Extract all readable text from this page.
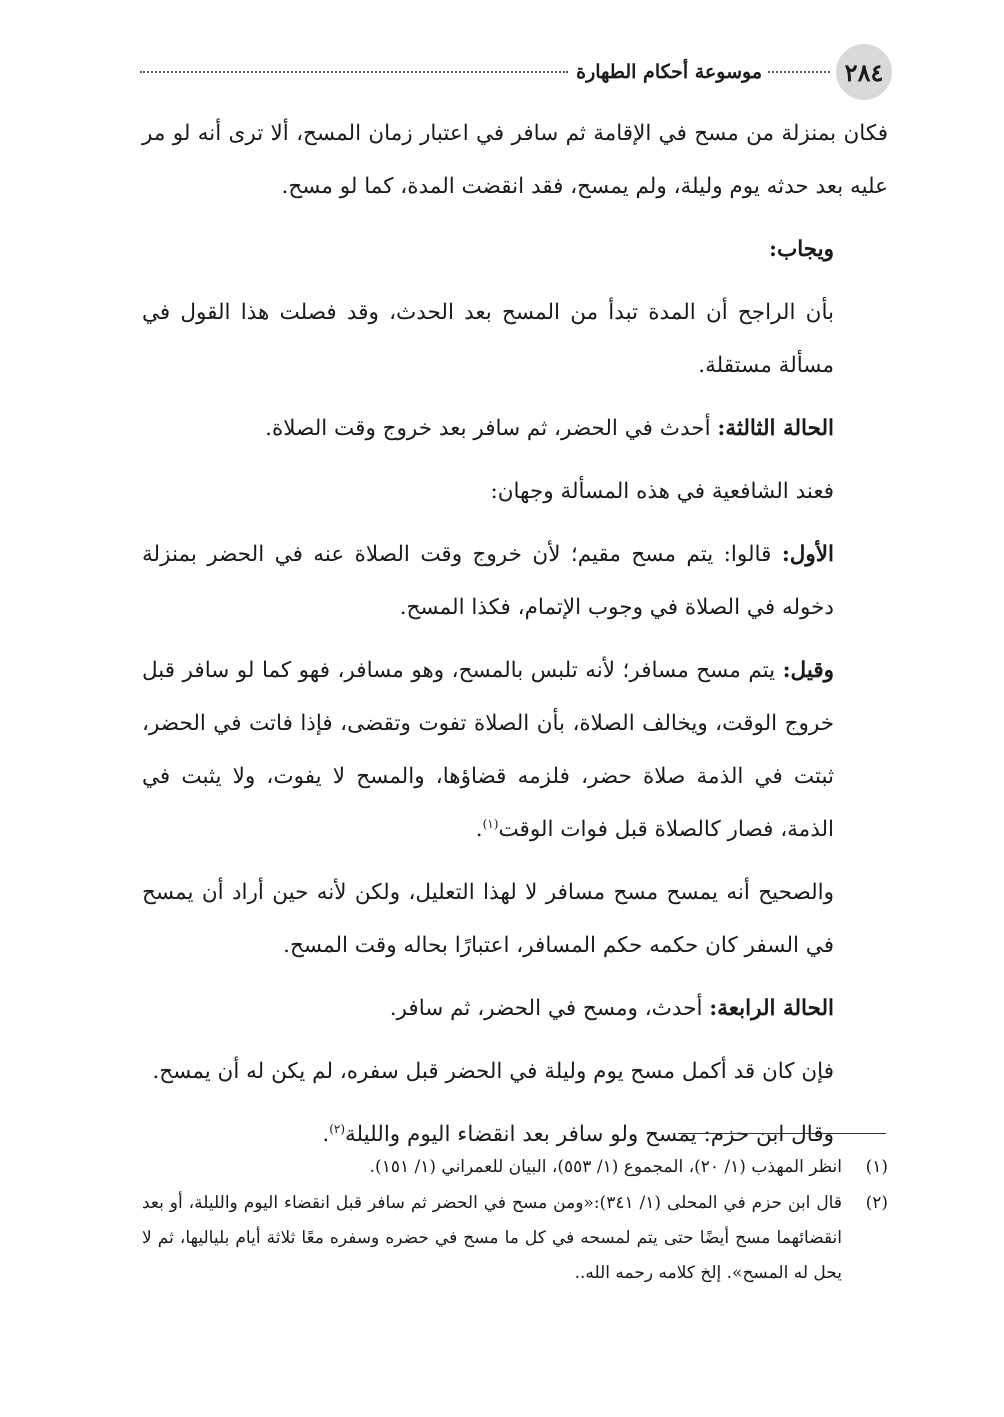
٢٨٤
موسوعة أحكام الطهارة

فكان بمنزلة من مسح في الإقامة ثم سافر في اعتبار زمان المسح، ألا ترى أنه لو مر عليه بعد حدثه يوم وليلة، ولم يمسح، فقد انقضت المدة، كما لو مسح.

ويجاب:

بأن الراجح أن المدة تبدأ من المسح بعد الحدث، وقد فصلت هذا القول في مسألة مستقلة.

الحالة الثالثة: أحدث في الحضر، ثم سافر بعد خروج وقت الصلاة.

فعند الشافعية في هذه المسألة وجهان:

الأول: قالوا: يتم مسح مقيم؛ لأن خروج وقت الصلاة عنه في الحضر بمنزلة دخوله في الصلاة في وجوب الإتمام، فكذا المسح.

وقيل: يتم مسح مسافر؛ لأنه تلبس بالمسح، وهو مسافر، فهو كما لو سافر قبل خروج الوقت، ويخالف الصلاة، بأن الصلاة تفوت وتقضى، فإذا فاتت في الحضر، ثبتت في الذمة صلاة حضر، فلزمه قضاؤها، والمسح لا يفوت، ولا يثبت في الذمة، فصار كالصلاة قبل فوات الوقت$^{(١)}$.

والصحيح أنه يمسح مسح مسافر لا لهذا التعليل، ولكن لأنه حين أراد أن يمسح في السفر كان حكمه حكم المسافر، اعتبارًا بحاله وقت المسح.

الحالة الرابعة: أحدث، ومسح في الحضر، ثم سافر.

فإن كان قد أكمل مسح يوم وليلة في الحضر قبل سفره، لم يكن له أن يمسح.

وقال ابن حزم: يمسح ولو سافر بعد انقضاء اليوم والليلة$^{(٢)}$.

(١)
انظر المهذب (١/ ٢٠)، المجموع (١/ ٥٥٣)، البيان للعمراني (١/ ١٥١).
(٢)
قال ابن حزم في المحلى (١/ ٣٤١):«ومن مسح في الحضر ثم سافر قبل انقضاء اليوم والليلة، أو بعد انقضائهما مسح أيضًا حتى يتم لمسحه في كل ما مسح في حضره وسفره معًا ثلاثة أيام بلياليها، ثم لا يحل له المسح». إلخ كلامه رحمه الله..
